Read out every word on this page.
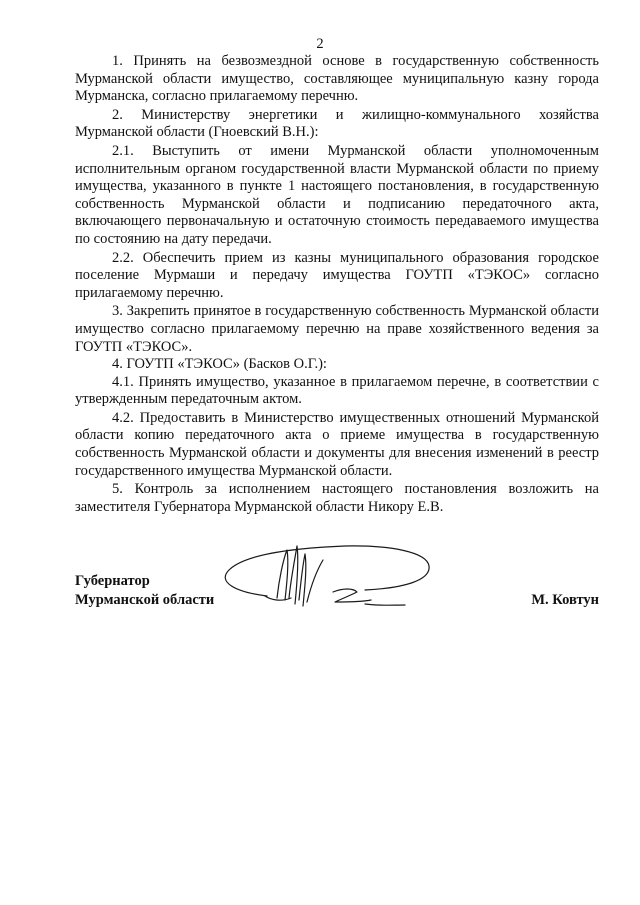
2

1. Принять на безвозмездной основе в государственную собственность Мурманской области имущество, составляющее муниципальную казну города Мурманска, согласно прилагаемому перечню.

2. Министерству энергетики и жилищно-коммунального хозяйства Мурманской области (Гноевский В.Н.):

2.1. Выступить от имени Мурманской области уполномоченным исполнительным органом государственной власти Мурманской области по приему имущества, указанного в пункте 1 настоящего постановления, в государственную собственность Мурманской области и подписанию передаточного акта, включающего первоначальную и остаточную стоимость передаваемого имущества по состоянию на дату передачи.

2.2. Обеспечить прием из казны муниципального образования городское поселение Мурмаши и передачу имущества ГОУТП «ТЭКОС» согласно прилагаемому перечню.

3. Закрепить принятое в государственную собственность Мурманской области имущество согласно прилагаемому перечню на праве хозяйственного ведения за ГОУТП «ТЭКОС».

4. ГОУТП «ТЭКОС» (Басков О.Г.):

4.1. Принять имущество, указанное в прилагаемом перечне, в соответствии с утвержденным передаточным актом.

4.2. Предоставить в Министерство имущественных отношений Мурманской области копию передаточного акта о приеме имущества в государственную собственность Мурманской области и документы для внесения изменений в реестр государственного имущества Мурманской области.

5. Контроль за исполнением настоящего постановления возложить на заместителя Губернатора Мурманской области Никору Е.В.

Губернатор
Мурманской области	М. Ковтун
